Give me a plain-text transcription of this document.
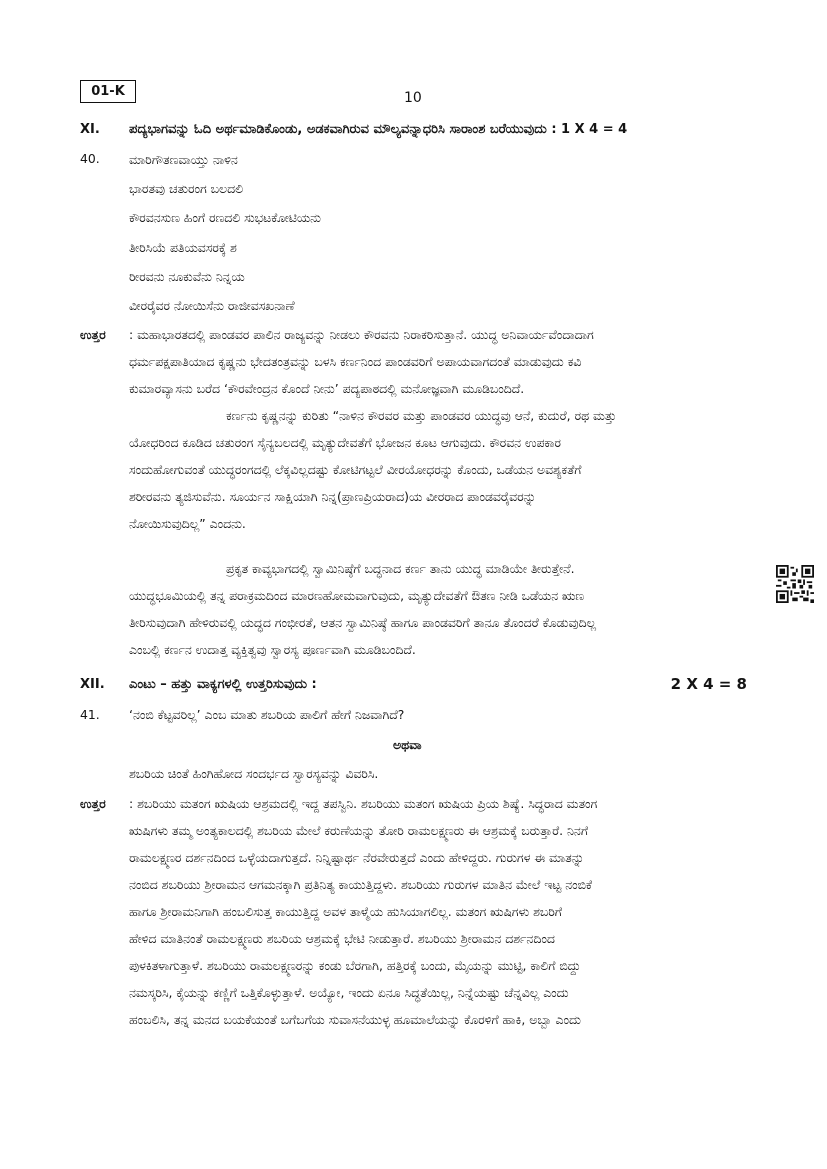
01-K	10
XI. ಪದ್ಯಭಾಗವನ್ನು ಓದಿ ಅರ್ಥಮಾಡಿಕೊಂಡು, ಅಡಕವಾಗಿರುವ ಮೌಲ್ಯವನ್ನಾಧರಿಸಿ ಸಾರಾಂಶ ಬರೆಯುವುದು : 1 X 4 = 4
40. ಮಾರಿಗೌತಣವಾಯ್ತು ನಾಳಿನ
ಭಾರತವು ಚತುರಂಗ ಬಲದಲಿ
ಕೌರವನಸುಣ ಹಿಂಗೆ ರಣದಲಿ ಸುಭಟಕೋಟಿಯನು
ತೀರಿಸಿಯೆ ಪತಿಯವಸರಕ್ಕೆ ಶ
ರೀರವನು ನೂಕುವೆನು ನಿನ್ನಯ
ವೀರರೈವರ ನೋಯಿಸೆನು ರಾಜೀವಸಖನಾಣೆ
ಉತ್ತರ : ಮಹಾಭಾರತದಲ್ಲಿ ಪಾಂಡವರ ಪಾಲಿನ ರಾಜ್ಯವನ್ನು ನೀಡಲು ಕೌರವನು ನಿರಾಕರಿಸುತ್ತಾನೆ. ಯುದ್ಧ ಅನಿವಾರ್ಯವೆಂದಾದಾಗ
ಧರ್ಮಪಕ್ಷಪಾತಿಯಾದ ಕೃಷ್ಣನು ಭೇದತಂತ್ರವನ್ನು ಬಳಸಿ ಕರ್ಣನಿಂದ ಪಾಂಡವರಿಗೆ ಅಪಾಯವಾಗದಂತೆ ಮಾಡುವುದು ಕವಿ
ಕುಮಾರವ್ಯಾಸನು ಬರೆದ ‘ಕೌರವೇಂದ್ರನ ಕೊಂದೆ ನೀನು’ ಪದ್ಯಪಾಠದಲ್ಲಿ ಮನೋಜ್ಞವಾಗಿ ಮೂಡಿಬಂದಿದೆ.
ಕರ್ಣನು ಕೃಷ್ಣನನ್ನು ಕುರಿತು “ನಾಳಿನ ಕೌರವರ ಮತ್ತು ಪಾಂಡವರ ಯುದ್ಧವು ಆನೆ, ಕುದುರೆ, ರಥ ಮತ್ತು
ಯೋಧರಿಂದ ಕೂಡಿದ ಚತುರಂಗ ಸೈನ್ಯಬಲದಲ್ಲಿ ಮೃತ್ಯುದೇವತೆಗೆ ಭೋಜನ ಕೂಟ ಆಗುವುದು. ಕೌರವನ ಉಪಕಾರ
ಸಂದುಹೋಗುವಂತೆ ಯುದ್ಧರಂಗದಲ್ಲಿ ಲೆಕ್ಕವಿಲ್ಲದಷ್ಟು ಕೋಟಿಗಟ್ಟಲೆ ವೀರಯೋಧರನ್ನು ಕೊಂದು, ಒಡೆಯನ ಅವಶ್ಯಕತೆಗೆ
ಶರೀರವನು ತ್ಯಜಿಸುವೆನು. ಸೂರ್ಯನ ಸಾಕ್ಷಿಯಾಗಿ ನಿನ್ನ(ಪ್ರಾಣಪ್ರಿಯರಾದ)ಯ ವೀರರಾದ ಪಾಂಡವರೈವರನ್ನು
ನೋಯಿಸುವುದಿಲ್ಲ” ಎಂದನು.
ಪ್ರಕೃತ ಕಾವ್ಯಭಾಗದಲ್ಲಿ ಸ್ವಾಮಿನಿಷ್ಠೆಗೆ ಬದ್ಧನಾದ ಕರ್ಣ ತಾನು ಯುದ್ಧ ಮಾಡಿಯೇ ತೀರುತ್ತೇನೆ.
ಯುದ್ಧಭೂಮಿಯಲ್ಲಿ ತನ್ನ ಪರಾಕ್ರಮದಿಂದ ಮಾರಣಹೋಮವಾಗುವುದು, ಮೃತ್ಯುದೇವತೆಗೆ ಔತಣ ನೀಡಿ ಒಡೆಯನ ಋಣ
ತೀರಿಸುವುದಾಗಿ ಹೇಳಿರುವಲ್ಲಿ ಯದ್ಧದ ಗಂಭೀರತೆ, ಆತನ ಸ್ವಾಮಿನಿಷ್ಠೆ ಹಾಗೂ ಪಾಂಡವರಿಗೆ ತಾನೂ ತೊಂದರೆ ಕೊಡುವುದಿಲ್ಲ
ಎಂಬಲ್ಲಿ ಕರ್ಣನ ಉದಾತ್ತ ವ್ಯಕ್ತಿತ್ವವು ಸ್ವಾರಸ್ಯ ಪೂರ್ಣವಾಗಿ ಮೂಡಿಬಂದಿದೆ.
XII. ಎಂಟು – ಹತ್ತು ವಾಕ್ಯಗಳಲ್ಲಿ ಉತ್ತರಿಸುವುದು :	2 X 4 = 8
41. ‘ನಂಬಿ ಕೆಟ್ಟವರಿಲ್ಲ’ ಎಂಬ ಮಾತು ಶಬರಿಯ ಪಾಲಿಗೆ ಹೇಗೆ ನಿಜವಾಗಿದೆ?
ಅಥವಾ
ಶಬರಿಯ ಚಿಂತೆ ಹಿಂಗಿಹೋದ ಸಂದರ್ಭದ ಸ್ವಾರಸ್ಯವನ್ನು ವಿವರಿಸಿ.
ಉತ್ತರ : ಶಬರಿಯು ಮತಂಗ ಋಷಿಯ ಆಶ್ರಮದಲ್ಲಿ ಇದ್ದ ತಪಸ್ವಿನಿ. ಶಬರಿಯು ಮತಂಗ ಋಷಿಯ ಪ್ರಿಯ ಶಿಷ್ಯೆ. ಸಿದ್ಧರಾದ ಮತಂಗ
ಋಷಿಗಳು ತಮ್ಮ ಅಂತ್ಯಕಾಲದಲ್ಲಿ ಶಬರಿಯ ಮೇಲೆ ಕರುಣೆಯನ್ನು ತೋರಿ ರಾಮಲಕ್ಷ್ಮಣರು ಈ ಆಶ್ರಮಕ್ಕೆ ಬರುತ್ತಾರೆ. ನಿನಗೆ
ರಾಮಲಕ್ಷ್ಮಣರ ದರ್ಶನದಿಂದ ಒಳ್ಳೆಯದಾಗುತ್ತದೆ. ನಿನ್ನಿಷ್ಟಾರ್ಥ ನೆರವೇರುತ್ತದೆ ಎಂದು ಹೇಳಿದ್ದರು. ಗುರುಗಳ ಈ ಮಾತನ್ನು
ನಂಬಿದ ಶಬರಿಯು ಶ್ರೀರಾಮನ ಆಗಮನಕ್ಕಾಗಿ ಪ್ರತಿನಿತ್ಯ ಕಾಯುತ್ತಿದ್ದಳು. ಶಬರಿಯು ಗುರುಗಳ ಮಾತಿನ ಮೇಲೆ ಇಟ್ಟ ನಂಬಿಕೆ
ಹಾಗೂ ಶ್ರೀರಾಮನಿಗಾಗಿ ಹಂಬಲಿಸುತ್ತ ಕಾಯುತ್ತಿದ್ದ ಅವಳ ತಾಳ್ಮೆಯ ಹುಸಿಯಾಗಲಿಲ್ಲ. ಮತಂಗ ಋಷಿಗಳು ಶಬರಿಗೆ
ಹೇಳಿದ ಮಾತಿನಂತೆ ರಾಮಲಕ್ಷ್ಮಣರು ಶಬರಿಯ ಆಶ್ರಮಕ್ಕೆ ಭೇಟಿ ನೀಡುತ್ತಾರೆ. ಶಬರಿಯು ಶ್ರೀರಾಮನ ದರ್ಶನದಿಂದ
ಪುಳಕಿತಳಾಗುತ್ತಾಳೆ. ಶಬರಿಯು ರಾಮಲಕ್ಷ್ಮಣರನ್ನು ಕಂಡು ಬೆರಗಾಗಿ, ಹತ್ತಿರಕ್ಕೆ ಬಂದು, ಮೈಯನ್ನು ಮುಟ್ಟಿ, ಕಾಲಿಗೆ ಬಿದ್ದು
ನಮಸ್ಕರಿಸಿ, ಕೈಯನ್ನು ಕಣ್ಣಿಗೆ ಒತ್ತಿಕೊಳ್ಳುತ್ತಾಳೆ. ಅಯ್ಯೋ, ಇಂದು ಏನೂ ಸಿದ್ಧತೆಯಿಲ್ಲ, ನಿನ್ನೆಯಷ್ಟು ಚೆನ್ನವಿಲ್ಲ ಎಂದು
ಹಂಬಲಿಸಿ, ತನ್ನ ಮನದ ಬಯಕೆಯಂತೆ ಬಗೆಬಗೆಯ ಸುವಾಸನೆಯುಳ್ಳ ಹೂಮಾಲೆಯನ್ನು ಕೊರಳಿಗೆ ಹಾಕಿ, ಅಬ್ಬಾ ಎಂದು
